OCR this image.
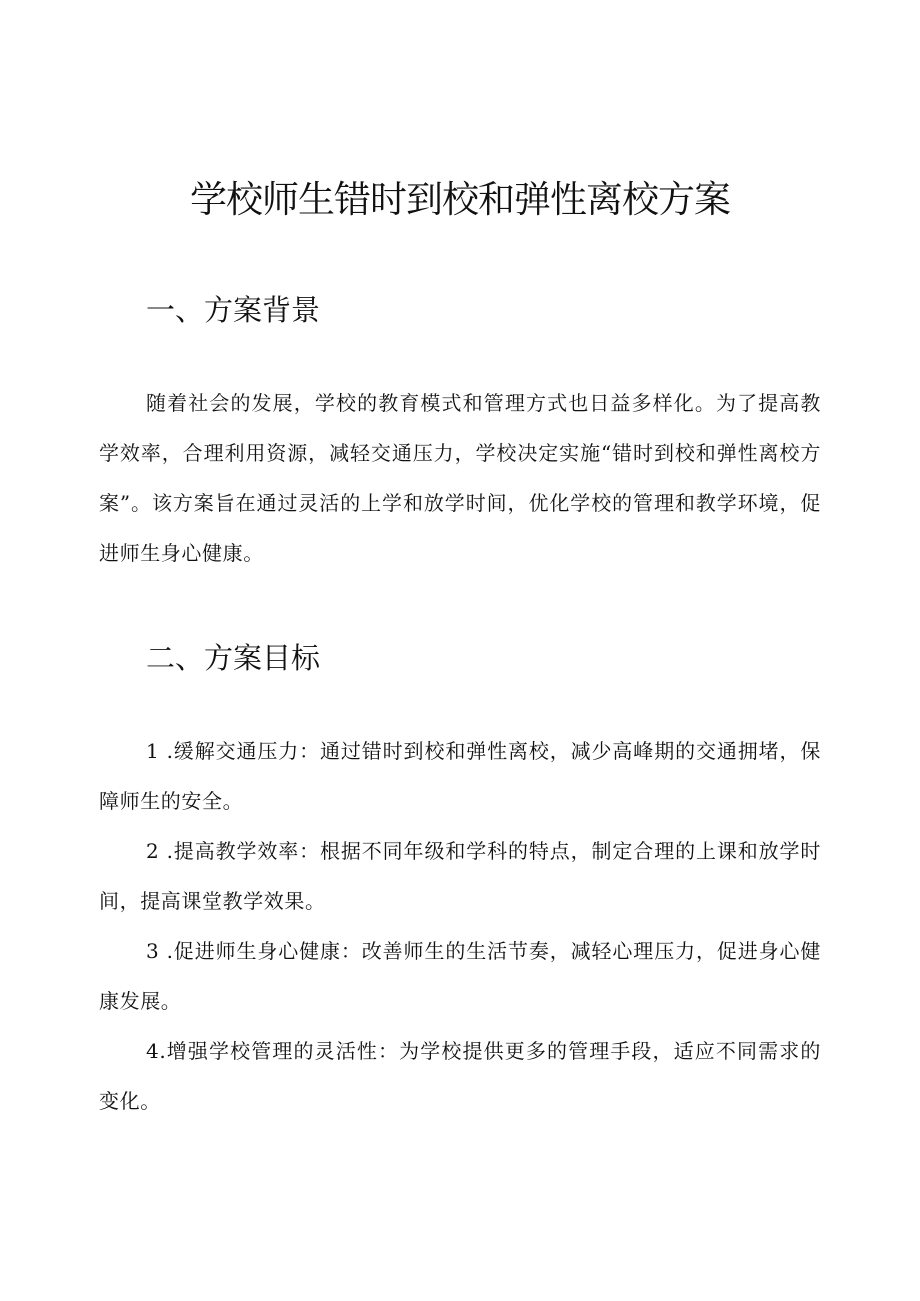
学校师生错时到校和弹性离校方案
一、方案背景

随着社会的发展，学校的教育模式和管理方式也日益多样化。为了提高教学效率，合理利用资源，减轻交通压力，学校决定实施“错时到校和弹性离校方案”。该方案旨在通过灵活的上学和放学时间，优化学校的管理和教学环境，促进师生身心健康。

二、方案目标
1 .缓解交通压力：通过错时到校和弹性离校，减少高峰期的交通拥堵，保障师生的安全。
2 .提高教学效率：根据不同年级和学科的特点，制定合理的上课和放学时间，提高课堂教学效果。
3 .促进师生身心健康：改善师生的生活节奏，减轻心理压力，促进身心健康发展。
4.增强学校管理的灵活性：为学校提供更多的管理手段，适应不同需求的变化。
